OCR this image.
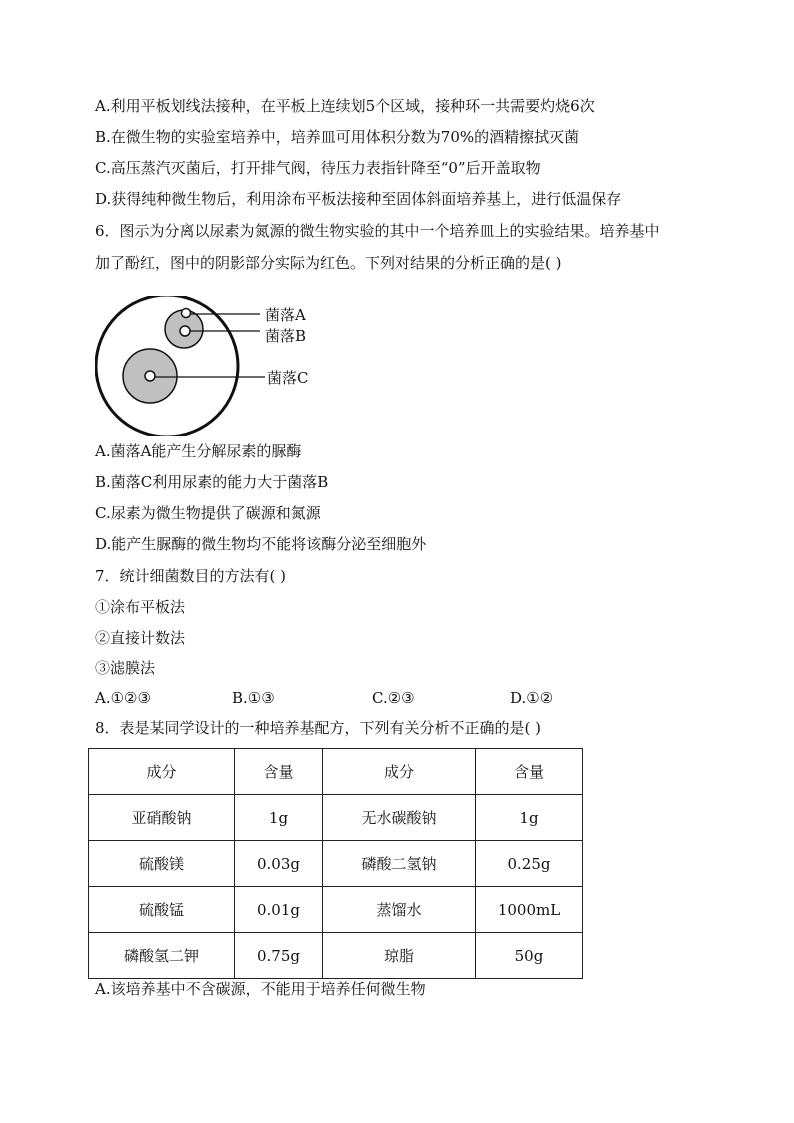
A.利用平板划线法接种，在平板上连续划5个区域，接种环一共需要灼烧6次
B.在微生物的实验室培养中，培养皿可用体积分数为70%的酒精擦拭灭菌
C.高压蒸汽灭菌后，打开排气阀，待压力表指针降至“0”后开盖取物
D.获得纯种微生物后，利用涂布平板法接种至固体斜面培养基上，进行低温保存
6．图示为分离以尿素为氮源的微生物实验的其中一个培养皿上的实验结果。培养基中
加了酚红，图中的阴影部分实际为红色。下列对结果的分析正确的是( )
菌落A
菌落B
菌落C
A.菌落A能产生分解尿素的脲酶
B.菌落C利用尿素的能力大于菌落B
C.尿素为微生物提供了碳源和氮源
D.能产生脲酶的微生物均不能将该酶分泌至细胞外
7．统计细菌数目的方法有( )
①涂布平板法
②直接计数法
③滤膜法
A.①②③	B.①③	C.②③	D.①②
8．表是某同学设计的一种培养基配方，下列有关分析不正确的是( )
成分	含量	成分	含量
亚硝酸钠	1g	无水碳酸钠	1g
硫酸镁	0.03g	磷酸二氢钠	0.25g
硫酸锰	0.01g	蒸馏水	1000mL
磷酸氢二钾	0.75g	琼脂	50g
A.该培养基中不含碳源，不能用于培养任何微生物
